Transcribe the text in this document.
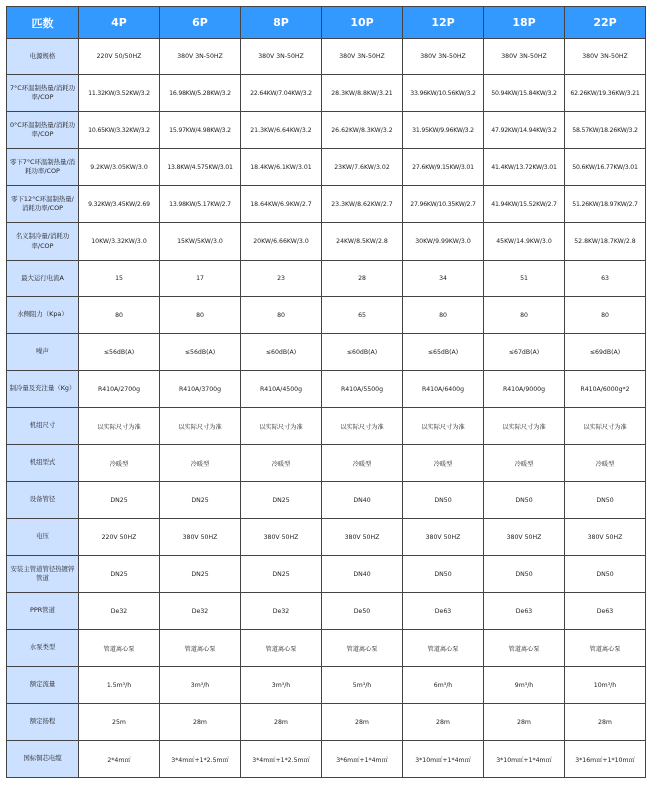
匹数	4P	6P	8P	10P	12P	18P	22P
电源规格	220V 50/50HZ	380V 3N-50HZ	380V 3N-50HZ	380V 3N-50HZ	380V 3N-50HZ	380V 3N-50HZ	380V 3N-50HZ
7°C环温制热量/消耗功率/COP	11.32KW/3.52KW/3.2	16.98KW/5.28KW/3.2	22.64KW/7.04KW/3.2	28.3KW/8.8KW/3.21	33.96KW/10.56KW/3.2	50.94KW/15.84KW/3.2	62.26KW/19.36KW/3.21
0°C环温制热量/消耗功率/COP	10.65KW/3.32KW/3.2	15.97KW/4.98KW/3.2	21.3KW/6.64KW/3.2	26.62KW/8.3KW/3.2	31.95KW/9.96KW/3.2	47.92KW/14.94KW/3.2	58.57KW/18.26KW/3.2
零下7°C环温制热量/消耗功率/COP	9.2KW/3.05KW/3.0	13.8KW/4.575KW/3.01	18.4KW/6.1KW/3.01	23KW/7.6KW/3.02	27.6KW/9.15KW/3.01	41.4KW/13.72KW/3.01	50.6KW/16.77KW/3.01
零下12°C环温制热量/消耗功率/COP	9.32KW/3.45KW/2.69	13.98KW/5.17KW/2.7	18.64KW/6.9KW/2.7	23.3KW/8.62KW/2.7	27.96KW/10.35KW/2.7	41.94KW/15.52KW/2.7	51.26KW/18.97KW/2.7
名义制冷量/消耗功率/COP	10KW/3.32KW/3.0	15KW/5KW/3.0	20KW/6.66KW/3.0	24KW/8.5KW/2.8	30KW/9.99KW/3.0	45KW/14.9KW/3.0	52.8KW/18.7KW/2.8
最大运行电流A	15	17	23	28	34	51	63
水侧阻力（Kpa）	80	80	80	65	80	80	80
噪声	≤56dB(A)	≤56dB(A)	≤60dB(A)	≤60dB(A)	≤65dB(A)	≤67dB(A)	≤69dB(A)
制冷量及充注量（Kg）	R410A/2700g	R410A/3700g	R410A/4500g	R410A/5500g	R410A/6400g	R410A/9000g	R410A/6000g*2
机组尺寸	以实际尺寸为准	以实际尺寸为准	以实际尺寸为准	以实际尺寸为准	以实际尺寸为准	以实际尺寸为准	以实际尺寸为准
机组型式	冷暖型	冷暖型	冷暖型	冷暖型	冷暖型	冷暖型	冷暖型
设备管径	DN25	DN25	DN25	DN40	DN50	DN50	DN50
电压	220V 50HZ	380V 50HZ	380V 50HZ	380V 50HZ	380V 50HZ	380V 50HZ	380V 50HZ
安装主管道管径热镀锌管道	DN25	DN25	DN25	DN40	DN50	DN50	DN50
PPR管道	De32	De32	De32	De50	De63	De63	De63
水泵类型	管道离心泵	管道离心泵	管道离心泵	管道离心泵	管道离心泵	管道离心泵	管道离心泵
额定流量	1.5m³/h	3m³/h	3m³/h	5m³/h	6m³/h	9m³/h	10m³/h
额定扬程	25m	28m	28m	28m	28m	28m	28m
国标铜芯电缆	2*4m㎡	3*4m㎡+1*2.5m㎡	3*4m㎡+1*2.5m㎡	3*6m㎡+1*4m㎡	3*10m㎡+1*4m㎡	3*10m㎡+1*4m㎡	3*16m㎡+1*10m㎡
